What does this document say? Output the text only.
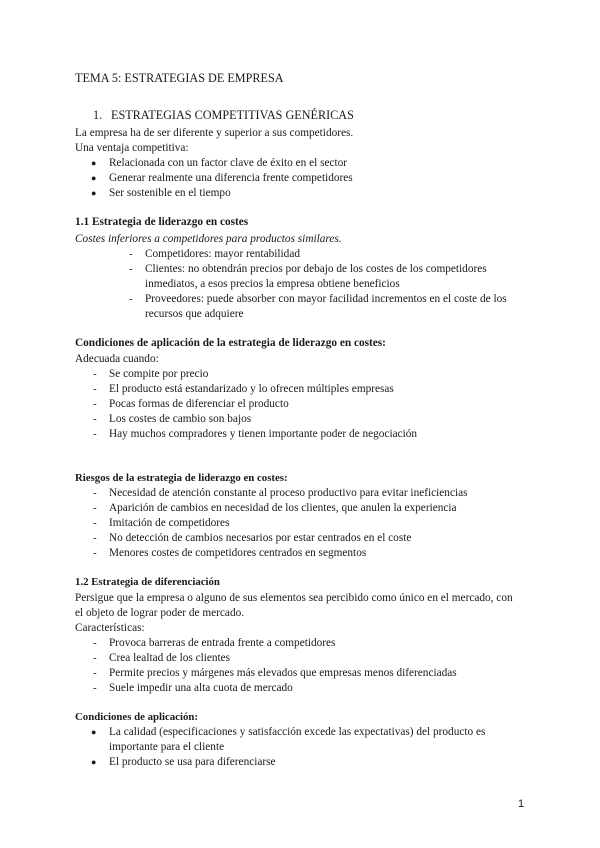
TEMA 5: ESTRATEGIAS DE EMPRESA
1. ESTRATEGIAS COMPETITIVAS GENÉRICAS
La empresa ha de ser diferente y superior a sus competidores.
Una ventaja competitiva:
● Relacionada con un factor clave de éxito en el sector
● Generar realmente una diferencia frente competidores
● Ser sostenible en el tiempo
1.1 Estrategia de liderazgo en costes
Costes inferiores a competidores para productos similares.
- Competidores: mayor rentabilidad
- Clientes: no obtendrán precios por debajo de los costes de los competidores
inmediatos, a esos precios la empresa obtiene beneficios
- Proveedores: puede absorber con mayor facilidad incrementos en el coste de los
recursos que adquiere
Condiciones de aplicación de la estrategia de liderazgo en costes:
Adecuada cuando:
- Se compite por precio
- El producto está estandarizado y lo ofrecen múltiples empresas
- Pocas formas de diferenciar el producto
- Los costes de cambio son bajos
- Hay muchos compradores y tienen importante poder de negociación
Riesgos de la estrategia de liderazgo en costes:
- Necesidad de atención constante al proceso productivo para evitar ineficiencias
- Aparición de cambios en necesidad de los clientes, que anulen la experiencia
- Imitación de competidores
- No detección de cambios necesarios por estar centrados en el coste
- Menores costes de competidores centrados en segmentos
1.2 Estrategia de diferenciación
Persigue que la empresa o alguno de sus elementos sea percibido como único en el mercado, con
el objeto de lograr poder de mercado.
Características:
- Provoca barreras de entrada frente a competidores
- Crea lealtad de los clientes
- Permite precios y márgenes más elevados que empresas menos diferenciadas
- Suele impedir una alta cuota de mercado
Condiciones de aplicación:
● La calidad (especificaciones y satisfacción excede las expectativas) del producto es
importante para el cliente
● El producto se usa para diferenciarse
1
